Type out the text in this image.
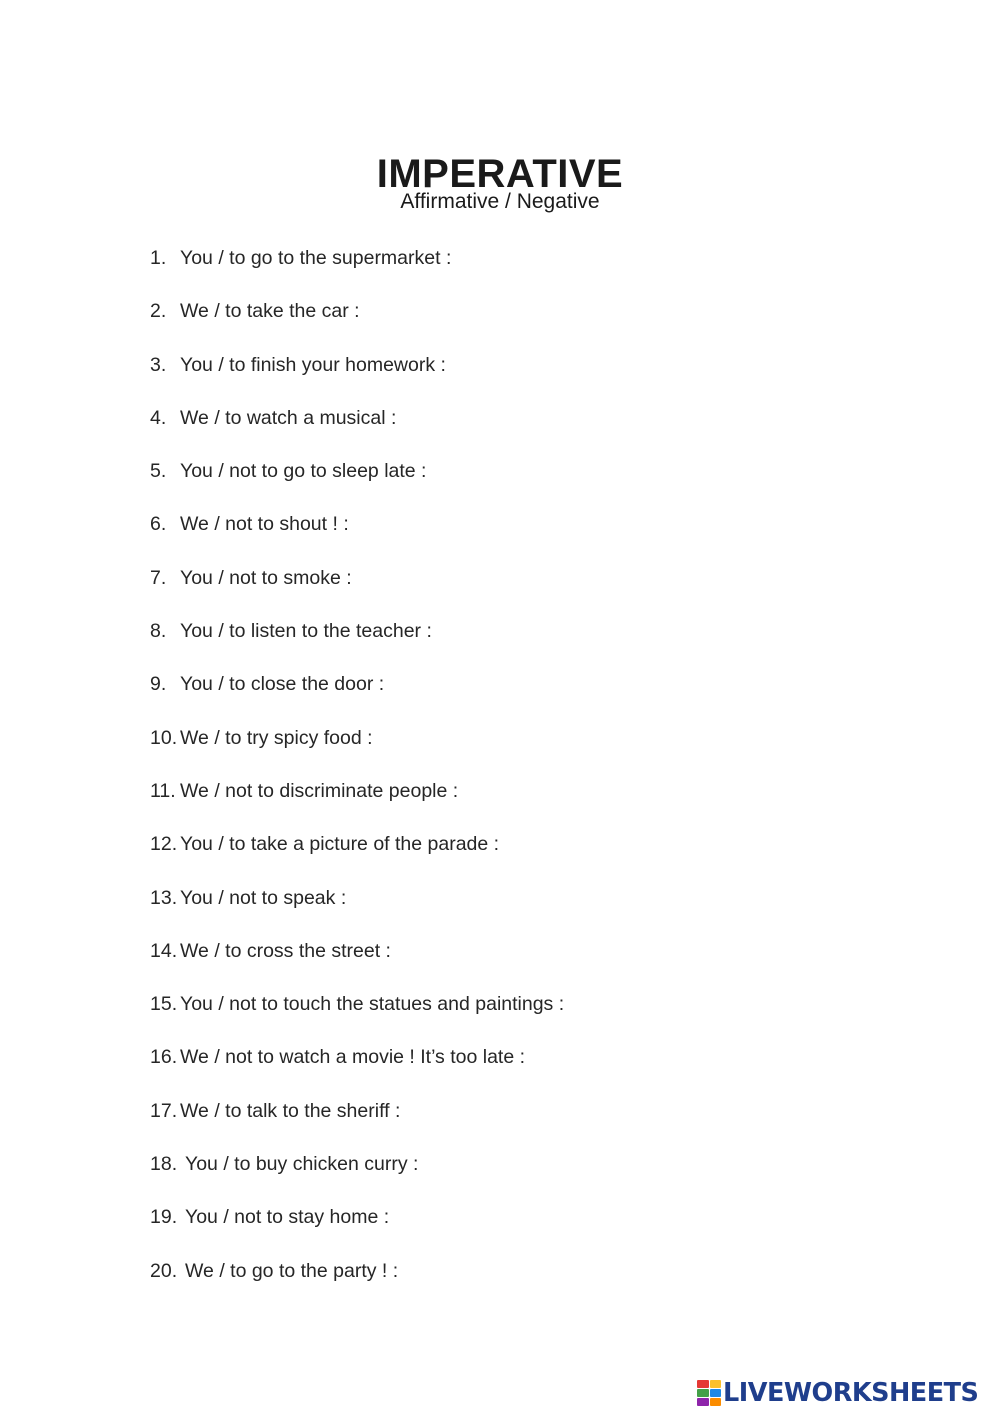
IMPERATIVE
Affirmative / Negative
1. You / to go to the supermarket :
2. We / to take the car :
3. You / to finish your homework :
4. We / to watch a musical :
5. You / not to go to sleep late :
6. We / not to shout ! :
7. You / not to smoke :
8. You / to listen to the teacher :
9. You / to close the door :
10. We / to try spicy food :
11. We / not to discriminate people :
12. You / to take a picture of the parade :
13. You / not to speak :
14. We / to cross the street :
15. You / not to touch the statues and paintings :
16. We / not to watch a movie ! It’s too late :
17. We / to talk to the sheriff :
18. You / to buy chicken curry :
19. You / not to stay home :
20. We / to go to the party ! :
LIVEWORKSHEETS
